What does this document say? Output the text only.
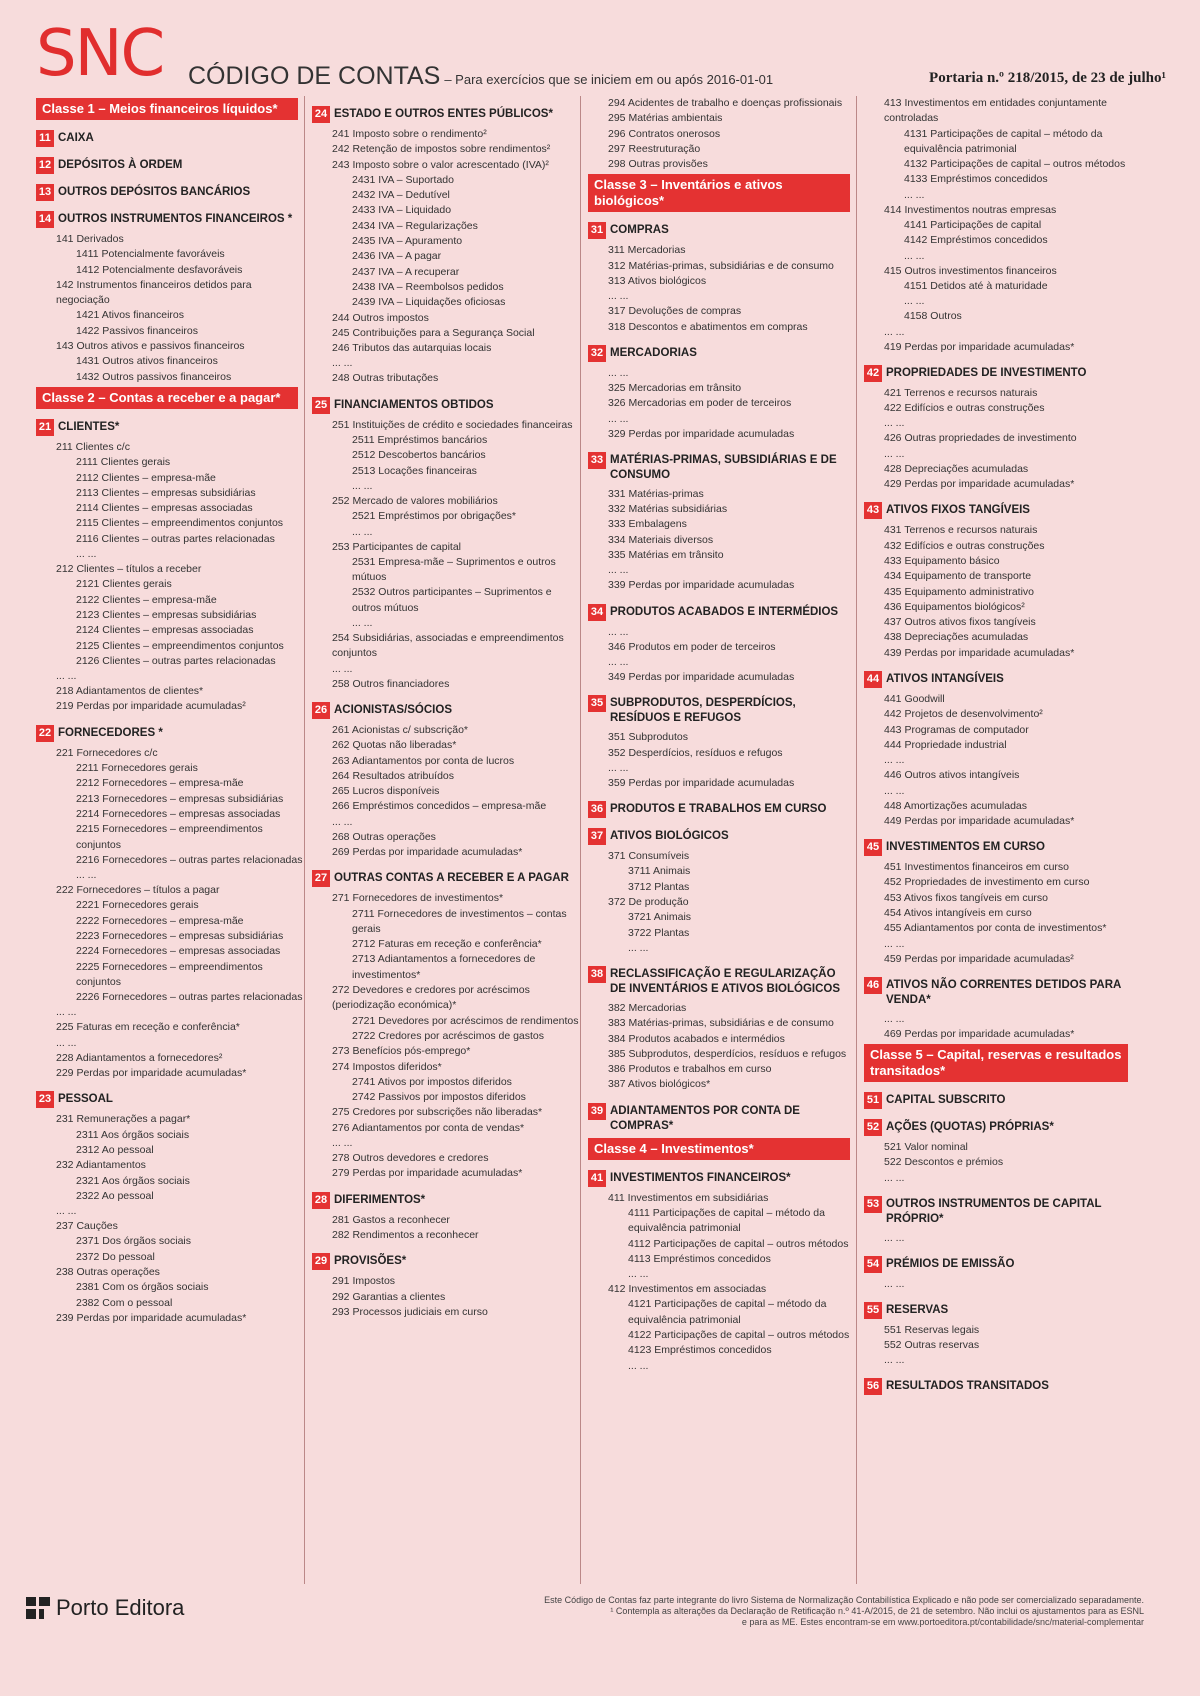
SNC CÓDIGO DE CONTAS – Para exercícios que se iniciem em ou após 2016-01-01	Portaria n.º 218/2015, de 23 de julho¹
Classe 1 – Meios financeiros líquidos*
11 CAIXA
12 DEPÓSITOS À ORDEM
13 OUTROS DEPÓSITOS BANCÁRIOS
14 OUTROS INSTRUMENTOS FINANCEIROS *
141 Derivados
1411 Potencialmente favoráveis
1412 Potencialmente desfavoráveis
142 Instrumentos financeiros detidos para negociação
1421 Ativos financeiros
1422 Passivos financeiros
143 Outros ativos e passivos financeiros
1431 Outros ativos financeiros
1432 Outros passivos financeiros
Classe 2 – Contas a receber e a pagar*
21 CLIENTES*
211 Clientes c/c
2111 Clientes gerais
2112 Clientes – empresa-mãe
2113 Clientes – empresas subsidiárias
2114 Clientes – empresas associadas
2115 Clientes – empreendimentos conjuntos
2116 Clientes – outras partes relacionadas
... ...
212 Clientes – títulos a receber
2121 Clientes gerais
2122 Clientes – empresa-mãe
2123 Clientes – empresas subsidiárias
2124 Clientes – empresas associadas
2125 Clientes – empreendimentos conjuntos
2126 Clientes – outras partes relacionadas
... ...
218 Adiantamentos de clientes*
219 Perdas por imparidade acumuladas²
22 FORNECEDORES *
221 Fornecedores c/c
2211 Fornecedores gerais
2212 Fornecedores – empresa-mãe
2213 Fornecedores – empresas subsidiárias
2214 Fornecedores – empresas associadas
2215 Fornecedores – empreendimentos conjuntos
2216 Fornecedores – outras partes relacionadas
... ...
222 Fornecedores – títulos a pagar
2221 Fornecedores gerais
2222 Fornecedores – empresa-mãe
2223 Fornecedores – empresas subsidiárias
2224 Fornecedores – empresas associadas
2225 Fornecedores – empreendimentos conjuntos
2226 Fornecedores – outras partes relacionadas
... ...
225 Faturas em receção e conferência*
... ...
228 Adiantamentos a fornecedores²
229 Perdas por imparidade acumuladas*
23 PESSOAL
231 Remunerações a pagar*
2311 Aos órgãos sociais
2312 Ao pessoal
232 Adiantamentos
2321 Aos órgãos sociais
2322 Ao pessoal
... ...
237 Cauções
2371 Dos órgãos sociais
2372 Do pessoal
238 Outras operações
2381 Com os órgãos sociais
2382 Com o pessoal
239 Perdas por imparidade acumuladas*
24 ESTADO E OUTROS ENTES PÚBLICOS*
241 Imposto sobre o rendimento²
242 Retenção de impostos sobre rendimentos²
243 Imposto sobre o valor acrescentado (IVA)²
2431 IVA – Suportado
2432 IVA – Dedutível
2433 IVA – Liquidado
2434 IVA – Regularizações
2435 IVA – Apuramento
2436 IVA – A pagar
2437 IVA – A recuperar
2438 IVA – Reembolsos pedidos
2439 IVA – Liquidações oficiosas
244 Outros impostos
245 Contribuições para a Segurança Social
246 Tributos das autarquias locais
... ...
248 Outras tributações
25 FINANCIAMENTOS OBTIDOS
251 Instituições de crédito e sociedades financeiras
2511 Empréstimos bancários
2512 Descobertos bancários
2513 Locações financeiras
... ...
252 Mercado de valores mobiliários
2521 Empréstimos por obrigações*
... ...
253 Participantes de capital
2531 Empresa-mãe – Suprimentos e outros mútuos
2532 Outros participantes – Suprimentos e outros mútuos
... ...
254 Subsidiárias, associadas e empreendimentos conjuntos
... ...
258 Outros financiadores
26 ACIONISTAS/SÓCIOS
261 Acionistas c/ subscrição*
262 Quotas não liberadas*
263 Adiantamentos por conta de lucros
264 Resultados atribuídos
265 Lucros disponíveis
266 Empréstimos concedidos – empresa-mãe
... ...
268 Outras operações
269 Perdas por imparidade acumuladas*
27 OUTRAS CONTAS A RECEBER E A PAGAR
271 Fornecedores de investimentos*
2711 Fornecedores de investimentos – contas gerais
2712 Faturas em receção e conferência*
2713 Adiantamentos a fornecedores de investimentos*
272 Devedores e credores por acréscimos (periodização económica)*
2721 Devedores por acréscimos de rendimentos
2722 Credores por acréscimos de gastos
273 Benefícios pós-emprego*
274 Impostos diferidos*
2741 Ativos por impostos diferidos
2742 Passivos por impostos diferidos
275 Credores por subscrições não liberadas*
276 Adiantamentos por conta de vendas*
... ...
278 Outros devedores e credores
279 Perdas por imparidade acumuladas*
28 DIFERIMENTOS*
281 Gastos a reconhecer
282 Rendimentos a reconhecer
29 PROVISÕES*
291 Impostos
292 Garantias a clientes
293 Processos judiciais em curso
294 Acidentes de trabalho e doenças profissionais
295 Matérias ambientais
296 Contratos onerosos
297 Reestruturação
298 Outras provisões
Classe 3 – Inventários e ativos biológicos*
31 COMPRAS
311 Mercadorias
312 Matérias-primas, subsidiárias e de consumo
313 Ativos biológicos
... ...
317 Devoluções de compras
318 Descontos e abatimentos em compras
32 MERCADORIAS
... ...
325 Mercadorias em trânsito
326 Mercadorias em poder de terceiros
... ...
329 Perdas por imparidade acumuladas
33 MATÉRIAS-PRIMAS, SUBSIDIÁRIAS E DE CONSUMO
331 Matérias-primas
332 Matérias subsidiárias
333 Embalagens
334 Materiais diversos
335 Matérias em trânsito
... ...
339 Perdas por imparidade acumuladas
34 PRODUTOS ACABADOS E INTERMÉDIOS
... ...
346 Produtos em poder de terceiros
... ...
349 Perdas por imparidade acumuladas
35 SUBPRODUTOS, DESPERDÍCIOS, RESÍDUOS E REFUGOS
351 Subprodutos
352 Desperdícios, resíduos e refugos
... ...
359 Perdas por imparidade acumuladas
36 PRODUTOS E TRABALHOS EM CURSO
37 ATIVOS BIOLÓGICOS
371 Consumíveis
3711 Animais
3712 Plantas
372 De produção
3721 Animais
3722 Plantas
... ...
38 RECLASSIFICAÇÃO E REGULARIZAÇÃO DE INVENTÁRIOS E ATIVOS BIOLÓGICOS
382 Mercadorias
383 Matérias-primas, subsidiárias e de consumo
384 Produtos acabados e intermédios
385 Subprodutos, desperdícios, resíduos e refugos
386 Produtos e trabalhos em curso
387 Ativos biológicos*
39 ADIANTAMENTOS POR CONTA DE COMPRAS*
Classe 4 – Investimentos*
41 INVESTIMENTOS FINANCEIROS*
411 Investimentos em subsidiárias
4111 Participações de capital – método da equivalência patrimonial
4112 Participações de capital – outros métodos
4113 Empréstimos concedidos
... ...
412 Investimentos em associadas
4121 Participações de capital – método da equivalência patrimonial
4122 Participações de capital – outros métodos
4123 Empréstimos concedidos
... ...
413 Investimentos em entidades conjuntamente controladas
4131 Participações de capital – método da equivalência patrimonial
4132 Participações de capital – outros métodos
4133 Empréstimos concedidos
... ...
414 Investimentos noutras empresas
4141 Participações de capital
4142 Empréstimos concedidos
... ...
415 Outros investimentos financeiros
4151 Detidos até à maturidade
... ...
4158 Outros
... ...
419 Perdas por imparidade acumuladas*
42 PROPRIEDADES DE INVESTIMENTO
421 Terrenos e recursos naturais
422 Edifícios e outras construções
... ...
426 Outras propriedades de investimento
... ...
428 Depreciações acumuladas
429 Perdas por imparidade acumuladas*
43 ATIVOS FIXOS TANGÍVEIS
431 Terrenos e recursos naturais
432 Edifícios e outras construções
433 Equipamento básico
434 Equipamento de transporte
435 Equipamento administrativo
436 Equipamentos biológicos²
437 Outros ativos fixos tangíveis
438 Depreciações acumuladas
439 Perdas por imparidade acumuladas*
44 ATIVOS INTANGÍVEIS
441 Goodwill
442 Projetos de desenvolvimento²
443 Programas de computador
444 Propriedade industrial
... ...
446 Outros ativos intangíveis
... ...
448 Amortizações acumuladas
449 Perdas por imparidade acumuladas*
45 INVESTIMENTOS EM CURSO
451 Investimentos financeiros em curso
452 Propriedades de investimento em curso
453 Ativos fixos tangíveis em curso
454 Ativos intangíveis em curso
455 Adiantamentos por conta de investimentos*
... ...
459 Perdas por imparidade acumuladas²
46 ATIVOS NÃO CORRENTES DETIDOS PARA VENDA*
... ...
469 Perdas por imparidade acumuladas*
Classe 5 – Capital, reservas e resultados transitados*
51 CAPITAL SUBSCRITO
52 AÇÕES (QUOTAS) PRÓPRIAS*
521 Valor nominal
522 Descontos e prémios
... ...
53 OUTROS INSTRUMENTOS DE CAPITAL PRÓPRIO*
... ...
54 PRÉMIOS DE EMISSÃO
... ...
55 RESERVAS
551 Reservas legais
552 Outras reservas
... ...
56 RESULTADOS TRANSITADOS
Porto Editora	Este Código de Contas faz parte integrante do livro Sistema de Normalização Contabilística Explicado e não pode ser comercializado separadamente.
¹ Contempla as alterações da Declaração de Retificação n.º 41-A/2015, de 21 de setembro. Não inclui os ajustamentos para as ESNL
e para as ME. Estes encontram-se em www.portoeditora.pt/contabilidade/snc/material-complementar
